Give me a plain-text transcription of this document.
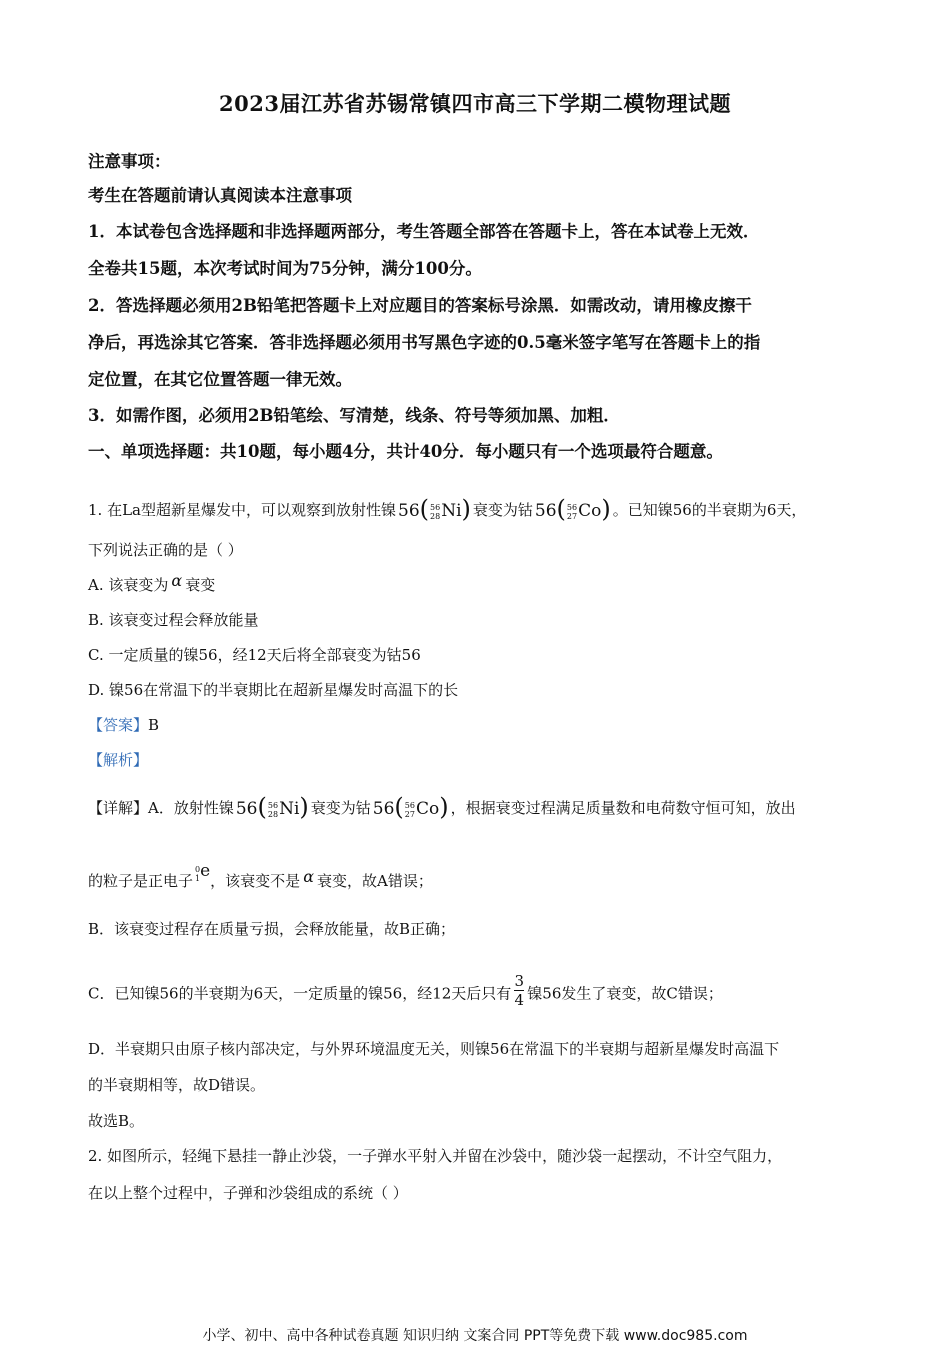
2023届江苏省苏锡常镇四市高三下学期二模物理试题
注意事项：
考生在答题前请认真阅读本注意事项
1．本试卷包含选择题和非选择题两部分，考生答题全部答在答题卡上，答在本试卷上无效．
全卷共15题，本次考试时间为75分钟，满分100分。
2．答选择题必须用2B铅笔把答题卡上对应题目的答案标号涂黑．如需改动，请用橡皮擦干
净后，再选涂其它答案．答非选择题必须用书写黑色字迹的0.5毫米签字笔写在答题卡上的指
定位置，在其它位置答题一律无效。
3．如需作图，必须用2B铅笔绘、写清楚，线条、符号等须加黑、加粗．
一、单项选择题：共10题，每小题4分，共计40分．每小题只有一个选项最符合题意。
1. 在La型超新星爆发中，可以观察到放射性镍 56( 56
28 Ni) 衰变为钴 56( 56
27 Co) 。已知镍56的半衰期为6天，
下列说法正确的是（ ）
A. 该衰变为 α 衰变
B. 该衰变过程会释放能量
C. 一定质量的镍56，经12天后将全部衰变为钴56
D. 镍56在常温下的半衰期比在超新星爆发时高温下的长
【答案】B
【解析】
【详解】A．放射性镍 56( 56
28 Ni) 衰变为钴 56( 56
27 Co) ，根据衰变过程满足质量数和电荷数守恒可知，放出
的粒子是正电子
0
1 e，该衰变不是 α 衰变，故A错误；
B．该衰变过程存在质量亏损，会释放能量，故B正确；
C．已知镍56的半衰期为6天，一定质量的镍56，经12天后只有 $\frac{3}{4}$ 镍56发生了衰变，故C错误；
D．半衰期只由原子核内部决定，与外界环境温度无关，则镍56在常温下的半衰期与超新星爆发时高温下
的半衰期相等，故D错误。
故选B。
2. 如图所示，轻绳下悬挂一静止沙袋，一子弹水平射入并留在沙袋中，随沙袋一起摆动，不计空气阻力，
在以上整个过程中，子弹和沙袋组成的系统（ ）
小学、初中、高中各种试卷真题 知识归纳 文案合同 PPT等免费下载 www.doc985.com
